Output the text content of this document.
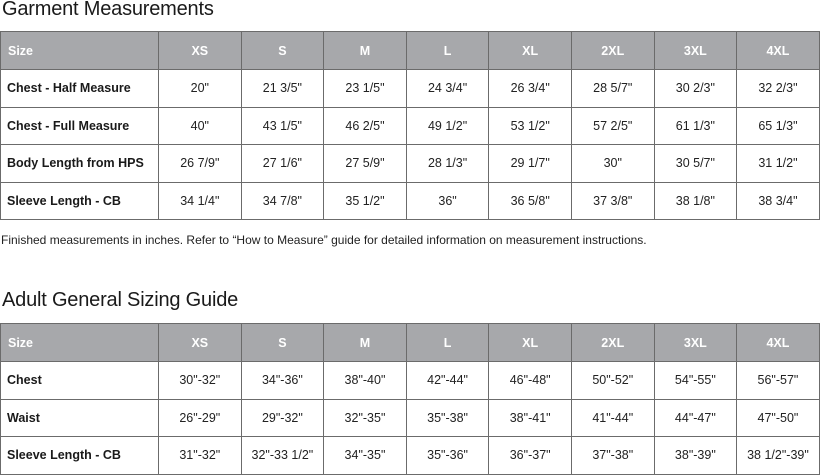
Garment Measurements
Size	XS	S	M	L	XL	2XL	3XL	4XL
Chest - Half Measure	20"	21 3/5"	23 1/5"	24 3/4"	26 3/4"	28 5/7"	30 2/3"	32 2/3"
Chest - Full Measure	40"	43 1/5"	46 2/5"	49 1/2"	53 1/2"	57 2/5"	61 1/3"	65 1/3"
Body Length from HPS	26 7/9"	27 1/6"	27 5/9"	28 1/3"	29 1/7"	30"	30 5/7"	31 1/2"
Sleeve Length - CB	34 1/4"	34 7/8"	35 1/2"	36"	36 5/8"	37 3/8"	38 1/8"	38 3/4"

Finished measurements in inches. Refer to “How to Measure” guide for detailed information on measurement instructions.

Adult General Sizing Guide
Size	XS	S	M	L	XL	2XL	3XL	4XL
Chest	30"-32"	34"-36"	38"-40"	42"-44"	46"-48"	50"-52"	54"-55"	56"-57"
Waist	26"-29"	29"-32"	32"-35"	35"-38"	38"-41"	41"-44"	44"-47"	47"-50"
Sleeve Length - CB	31"-32"	32"-33 1/2"	34"-35"	35"-36"	36"-37"	37"-38"	38"-39"	38 1/2"-39"
